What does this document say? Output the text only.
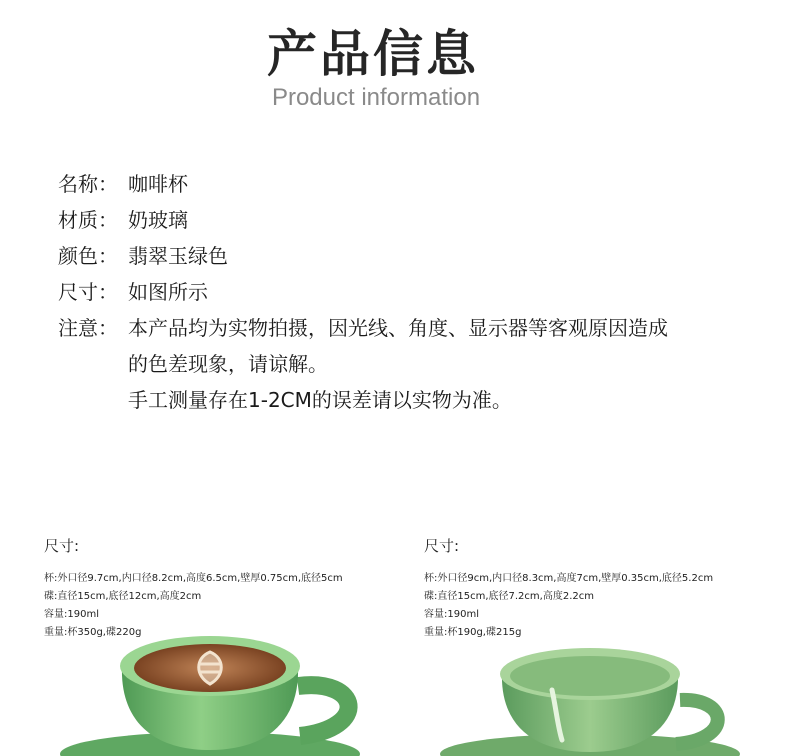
产品信息
Product information
名称： 咖啡杯
材质： 奶玻璃
颜色： 翡翠玉绿色
尺寸： 如图所示
注意： 本产品均为实物拍摄，因光线、角度、显示器等客观原因造成
的色差现象，请谅解。
手工测量存在1-2CM的误差请以实物为准。
尺寸:
杯:外口径9.7cm,内口径8.2cm,高度6.5cm,壁厚0.75cm,底径5cm
碟:直径15cm,底径12cm,高度2cm
容量:190ml
重量:杯350g,碟220g
尺寸:
杯:外口径9cm,内口径8.3cm,高度7cm,壁厚0.35cm,底径5.2cm
碟:直径15cm,底径7.2cm,高度2.2cm
容量:190ml
重量:杯190g,碟215g
